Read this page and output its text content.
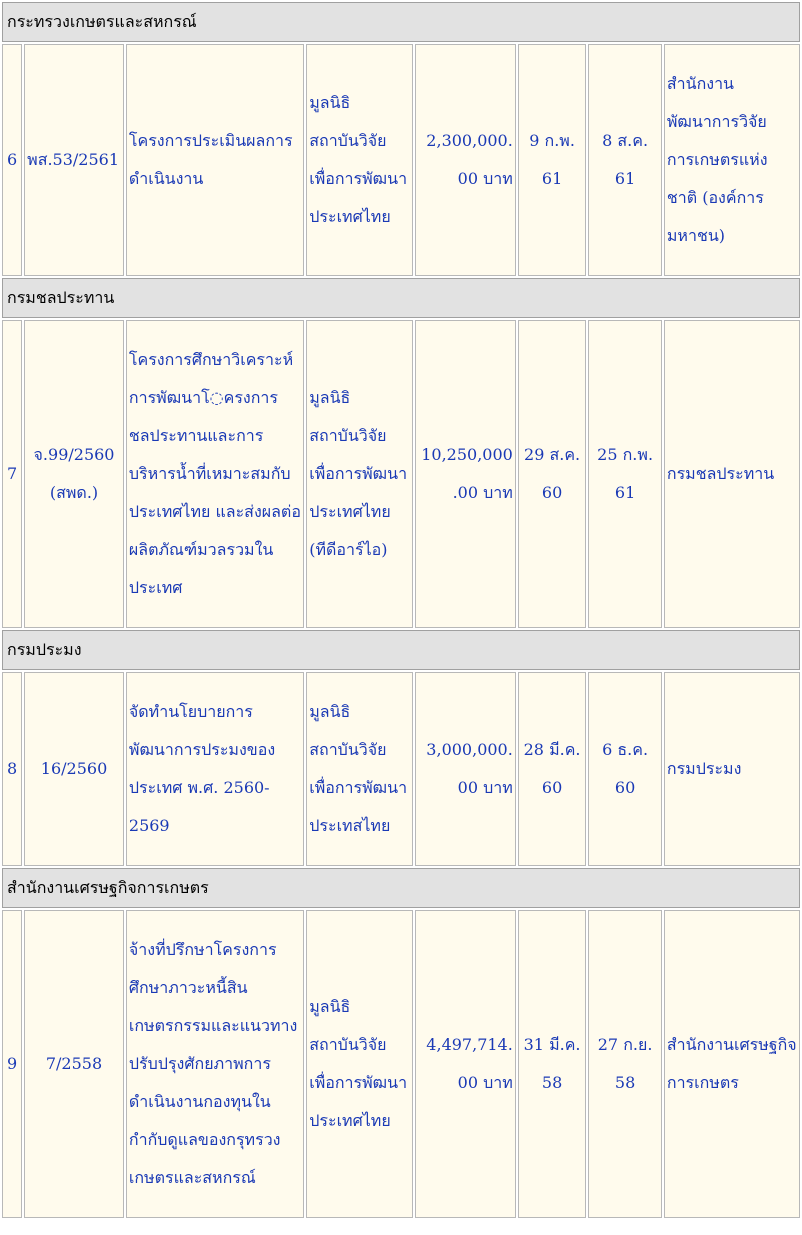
กระทรวงเกษตรและสหกรณ์							
6	พส.53/2561	โครงการประเมินผลการดำเนินงาน	มูลนิธิสถาบันวิจัยเพื่อการพัฒนาประเทศไทย	2,300,000.00 บาท	9 ก.พ. 61	8 ส.ค. 61	สำนักงานพัฒนาการวิจัยการเกษตรแห่งชาติ (องค์การมหาชน)
กรมชลประทาน							
7	จ.99/2560 (สพด.)	โครงการศึกษาวิเคราะห์การพัฒนาโ◌ครงการชลประทานและการบริหารน้ำที่เหมาะสมกับประเทศไทย และส่งผลต่อผลิตภัณฑ์มวลรวมในประเทศ	มูลนิธิสถาบันวิจัยเพื่อการพัฒนาประเทศไทย (ทีดีอาร์ไอ)	10,250,000.00 บาท	29 ส.ค. 60	25 ก.พ. 61	กรมชลประทาน
กรมประมง							
8	16/2560	จัดทำนโยบายการพัฒนาการประมงของประเทศ พ.ศ. 2560-2569	มูลนิธิสถาบันวิจัยเพื่อการพัฒนาประเทสไทย	3,000,000.00 บาท	28 มี.ค. 60	6 ธ.ค. 60	กรมประมง
สำนักงานเศรษฐกิจการเกษตร							
9	7/2558	จ้างที่ปรึกษาโครงการศึกษาภาวะหนี้สินเกษตรกรรมและแนวทางปรับปรุงศักยภาพการดำเนินงานกองทุนในกำกับดูแลของกรุทรวงเกษตรและสหกรณ์	มูลนิธิสถาบันวิจัยเพื่อการพัฒนาประเทศไทย	4,497,714.00 บาท	31 มี.ค. 58	27 ก.ย. 58	สำนักงานเศรษฐกิจการเกษตร
